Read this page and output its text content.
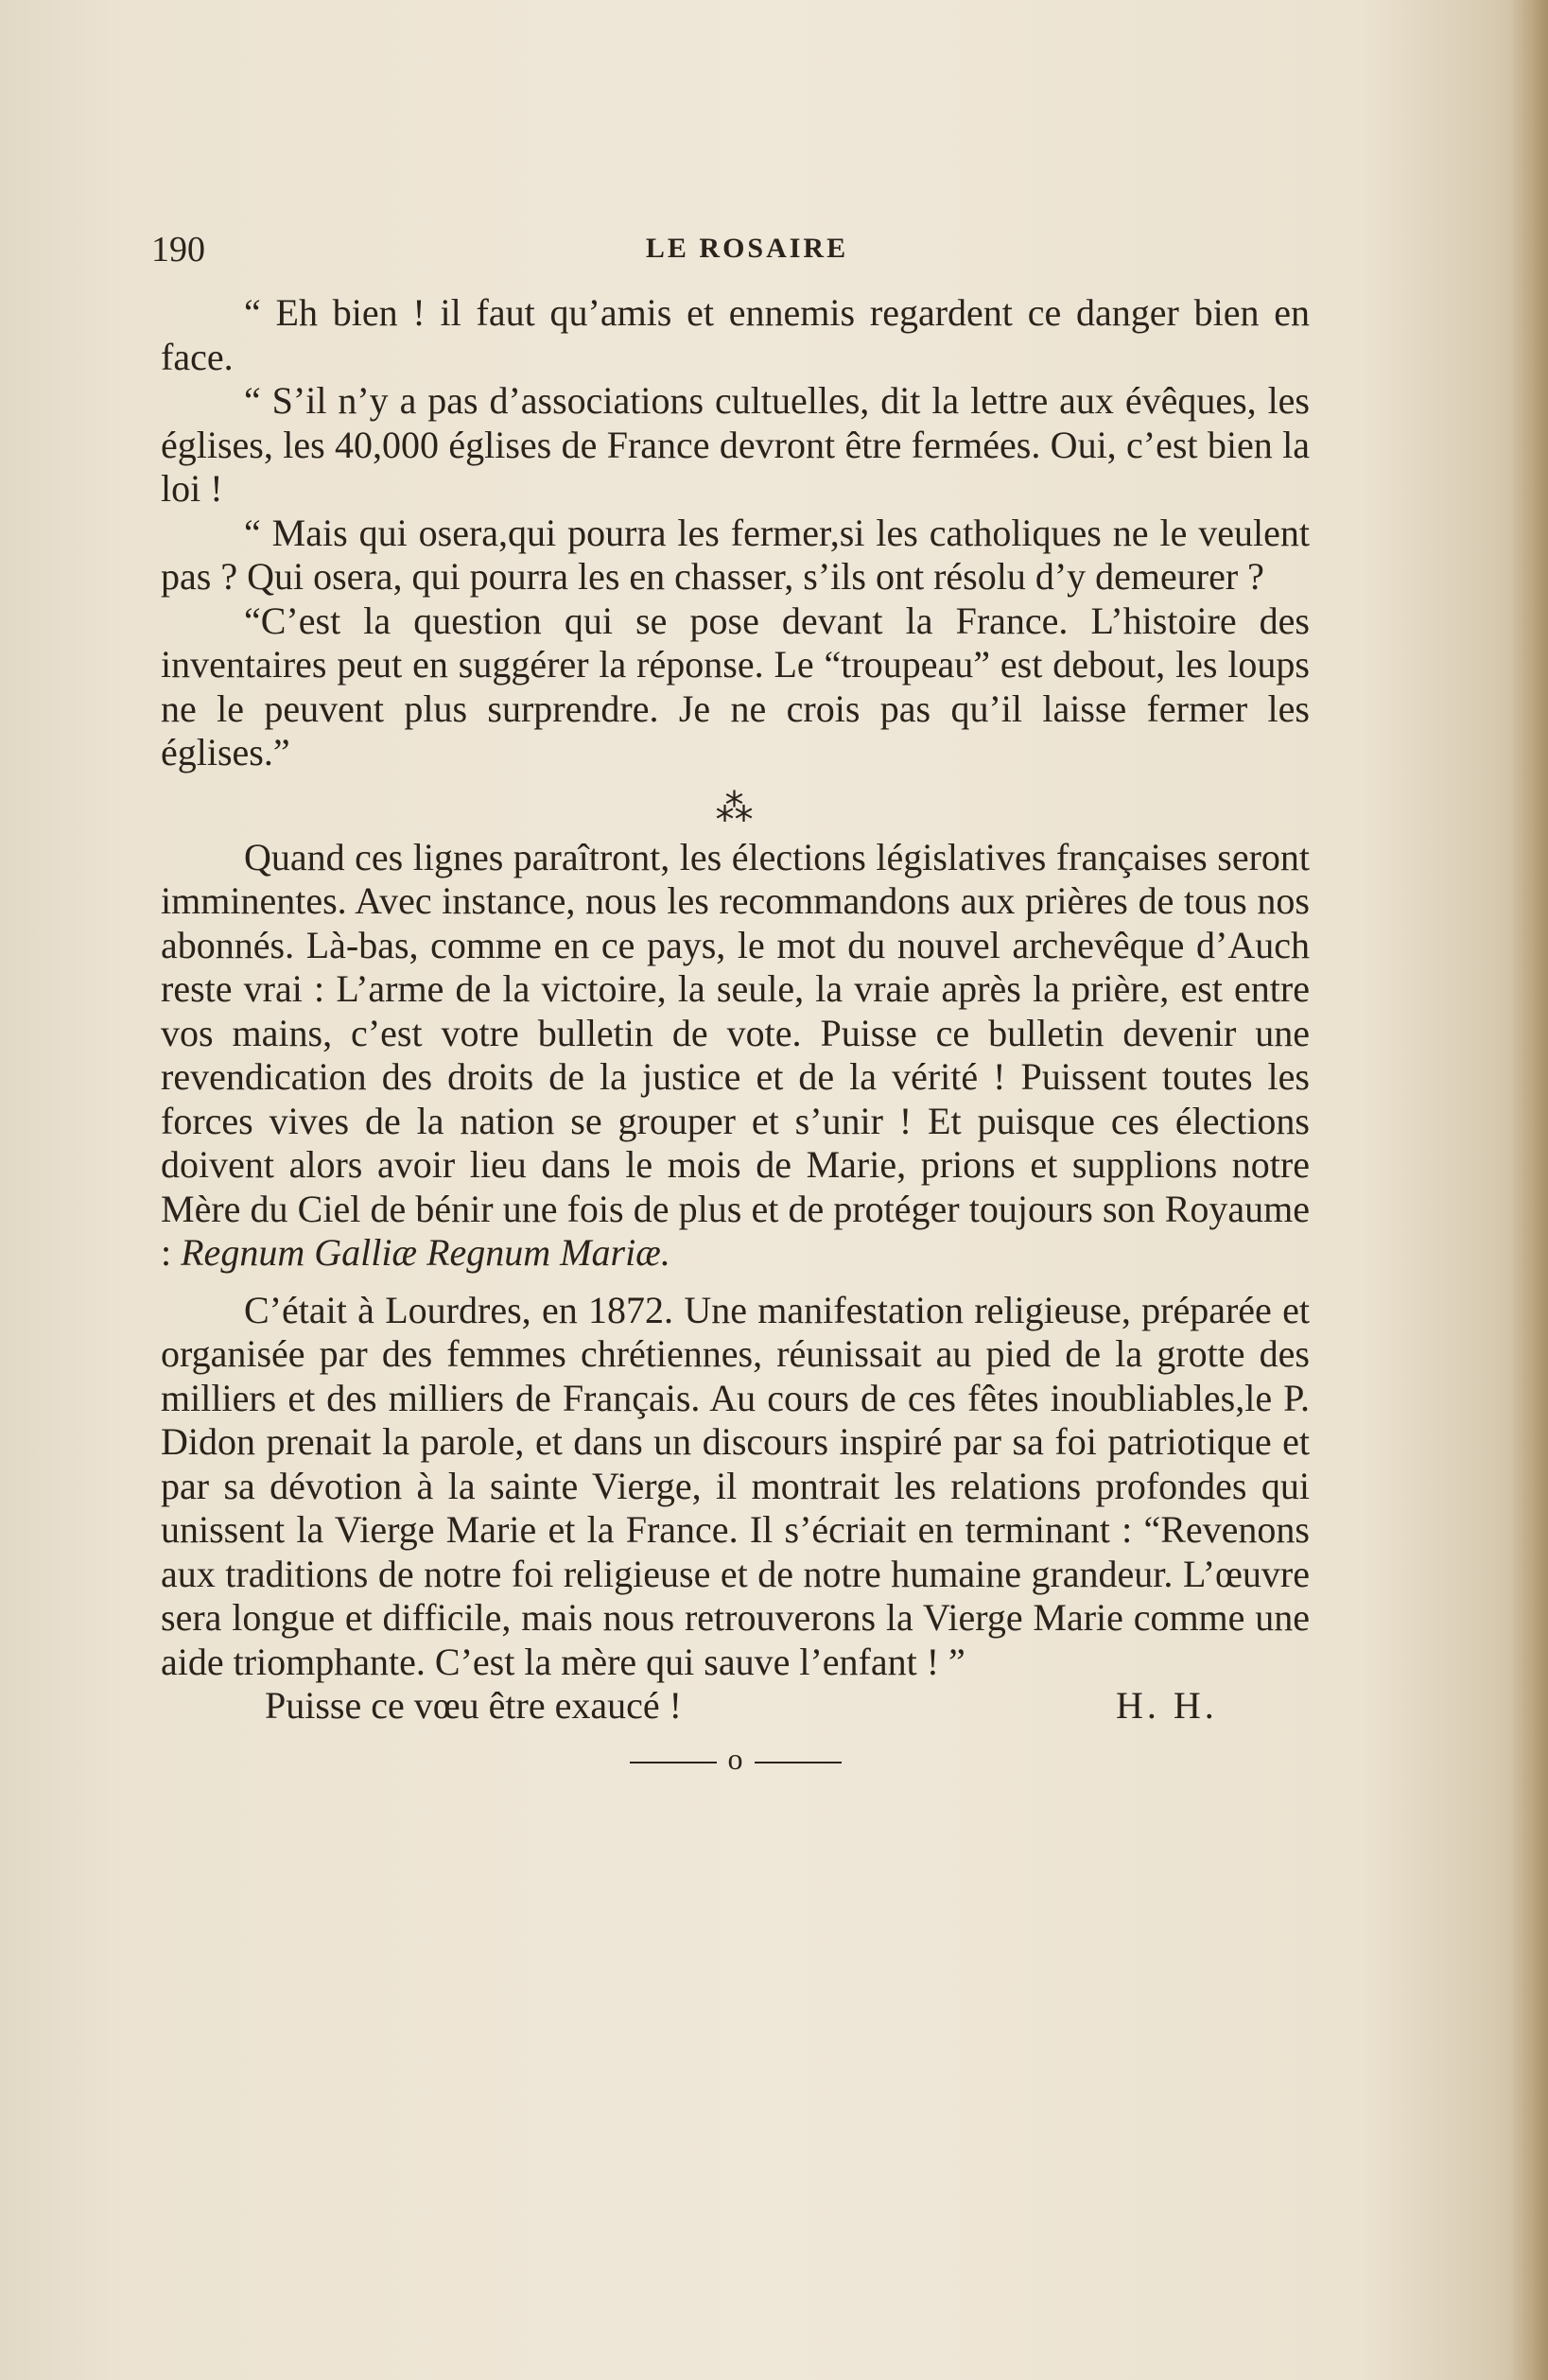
190	LE ROSAIRE

“ Eh bien ! il faut qu’amis et ennemis regardent ce danger bien en face.

“ S’il n’y a pas d’associations cultuelles, dit la lettre aux évêques, les églises, les 40,000 églises de France devront être fermées. Oui, c’est bien la loi !

“ Mais qui osera,qui pourra les fermer,si les catholiques ne le veulent pas ? Qui osera, qui pourra les en chasser, s’ils ont résolu d’y demeurer ?

“C’est la question qui se pose devant la France. L’histoire des inventaires peut en suggérer la réponse. Le “troupeau” est debout, les loups ne le peuvent plus surprendre. Je ne crois pas qu’il laisse fermer les églises.”

⁂

Quand ces lignes paraîtront, les élections législatives françaises seront imminentes. Avec instance, nous les recommandons aux prières de tous nos abonnés. Là-bas, comme en ce pays, le mot du nouvel archevêque d’Auch reste vrai : L’arme de la victoire, la seule, la vraie après la prière, est entre vos mains, c’est votre bulletin de vote. Puisse ce bulletin devenir une revendication des droits de la justice et de la vérité ! Puissent toutes les forces vives de la nation se grouper et s’unir ! Et puisque ces élections doivent alors avoir lieu dans le mois de Marie, prions et supplions notre Mère du Ciel de bénir une fois de plus et de protéger toujours son Royaume : Regnum Galliæ Regnum Mariæ.

C’était à Lourdres, en 1872. Une manifestation religieuse, préparée et organisée par des femmes chrétiennes, réunissait au pied de la grotte des milliers et des milliers de Français. Au cours de ces fêtes inoubliables,le P. Didon prenait la parole, et dans un discours inspiré par sa foi patriotique et par sa dévotion à la sainte Vierge, il montrait les relations profondes qui unissent la Vierge Marie et la France. Il s’écriait en terminant : “Revenons aux traditions de notre foi religieuse et de notre humaine grandeur. L’œuvre sera longue et difficile, mais nous retrouverons la Vierge Marie comme une aide triomphante. C’est la mère qui sauve l’enfant ! ”

Puisse ce vœu être exaucé !	H. H.
o
